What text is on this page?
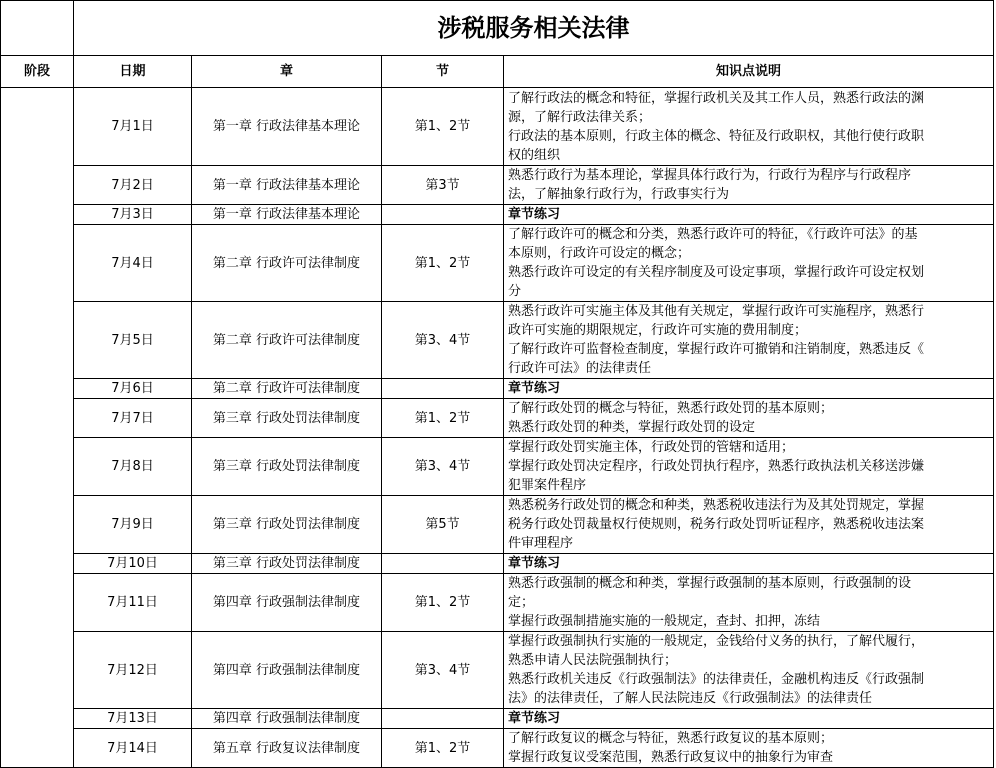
	涉税服务相关法律			
阶段	日期	章	节	知识点说明
	7月1日	第一章 行政法律基本理论	第1、2节	了解行政法的概念和特征，掌握行政机关及其工作人员，熟悉行政法的渊
源，了解行政法律关系；
行政法的基本原则，行政主体的概念、特征及行政职权，其他行使行政职
权的组织

	7月2日	第一章 行政法律基本理论	第3节	熟悉行政行为基本理论，掌握具体行政行为，行政行为程序与行政程序
法，了解抽象行政行为，行政事实行为

	7月3日	第一章 行政法律基本理论		章节练习

	7月4日	第二章 行政许可法律制度	第1、2节	了解行政许可的概念和分类，熟悉行政许可的特征，《行政许可法》的基
本原则，行政许可设定的概念；
熟悉行政许可设定的有关程序制度及可设定事项，掌握行政许可设定权划
分

	7月5日	第二章 行政许可法律制度	第3、4节	熟悉行政许可实施主体及其他有关规定，掌握行政许可实施程序，熟悉行
政许可实施的期限规定，行政许可实施的费用制度；
了解行政许可监督检查制度，掌握行政许可撤销和注销制度，熟悉违反《
行政许可法》的法律责任

	7月6日	第二章 行政许可法律制度		章节练习

	7月7日	第三章 行政处罚法律制度	第1、2节	了解行政处罚的概念与特征，熟悉行政处罚的基本原则；
熟悉行政处罚的种类，掌握行政处罚的设定

	7月8日	第三章 行政处罚法律制度	第3、4节	掌握行政处罚实施主体，行政处罚的管辖和适用；
掌握行政处罚决定程序，行政处罚执行程序，熟悉行政执法机关移送涉嫌
犯罪案件程序

	7月9日	第三章 行政处罚法律制度	第5节	熟悉税务行政处罚的概念和种类，熟悉税收违法行为及其处罚规定，掌握
税务行政处罚裁量权行使规则，税务行政处罚听证程序，熟悉税收违法案
件审理程序

	7月10日	第三章 行政处罚法律制度		章节练习

	7月11日	第四章 行政强制法律制度	第1、2节	熟悉行政强制的概念和种类，掌握行政强制的基本原则，行政强制的设
定；
掌握行政强制措施实施的一般规定，查封、扣押，冻结

	7月12日	第四章 行政强制法律制度	第3、4节	掌握行政强制执行实施的一般规定，金钱给付义务的执行，了解代履行，
熟悉申请人民法院强制执行；
熟悉行政机关违反《行政强制法》的法律责任，金融机构违反《行政强制
法》的法律责任，了解人民法院违反《行政强制法》的法律责任

	7月13日	第四章 行政强制法律制度		章节练习

	7月14日	第五章 行政复议法律制度	第1、2节	了解行政复议的概念与特征，熟悉行政复议的基本原则；
掌握行政复议受案范围，熟悉行政复议中的抽象行为审查
